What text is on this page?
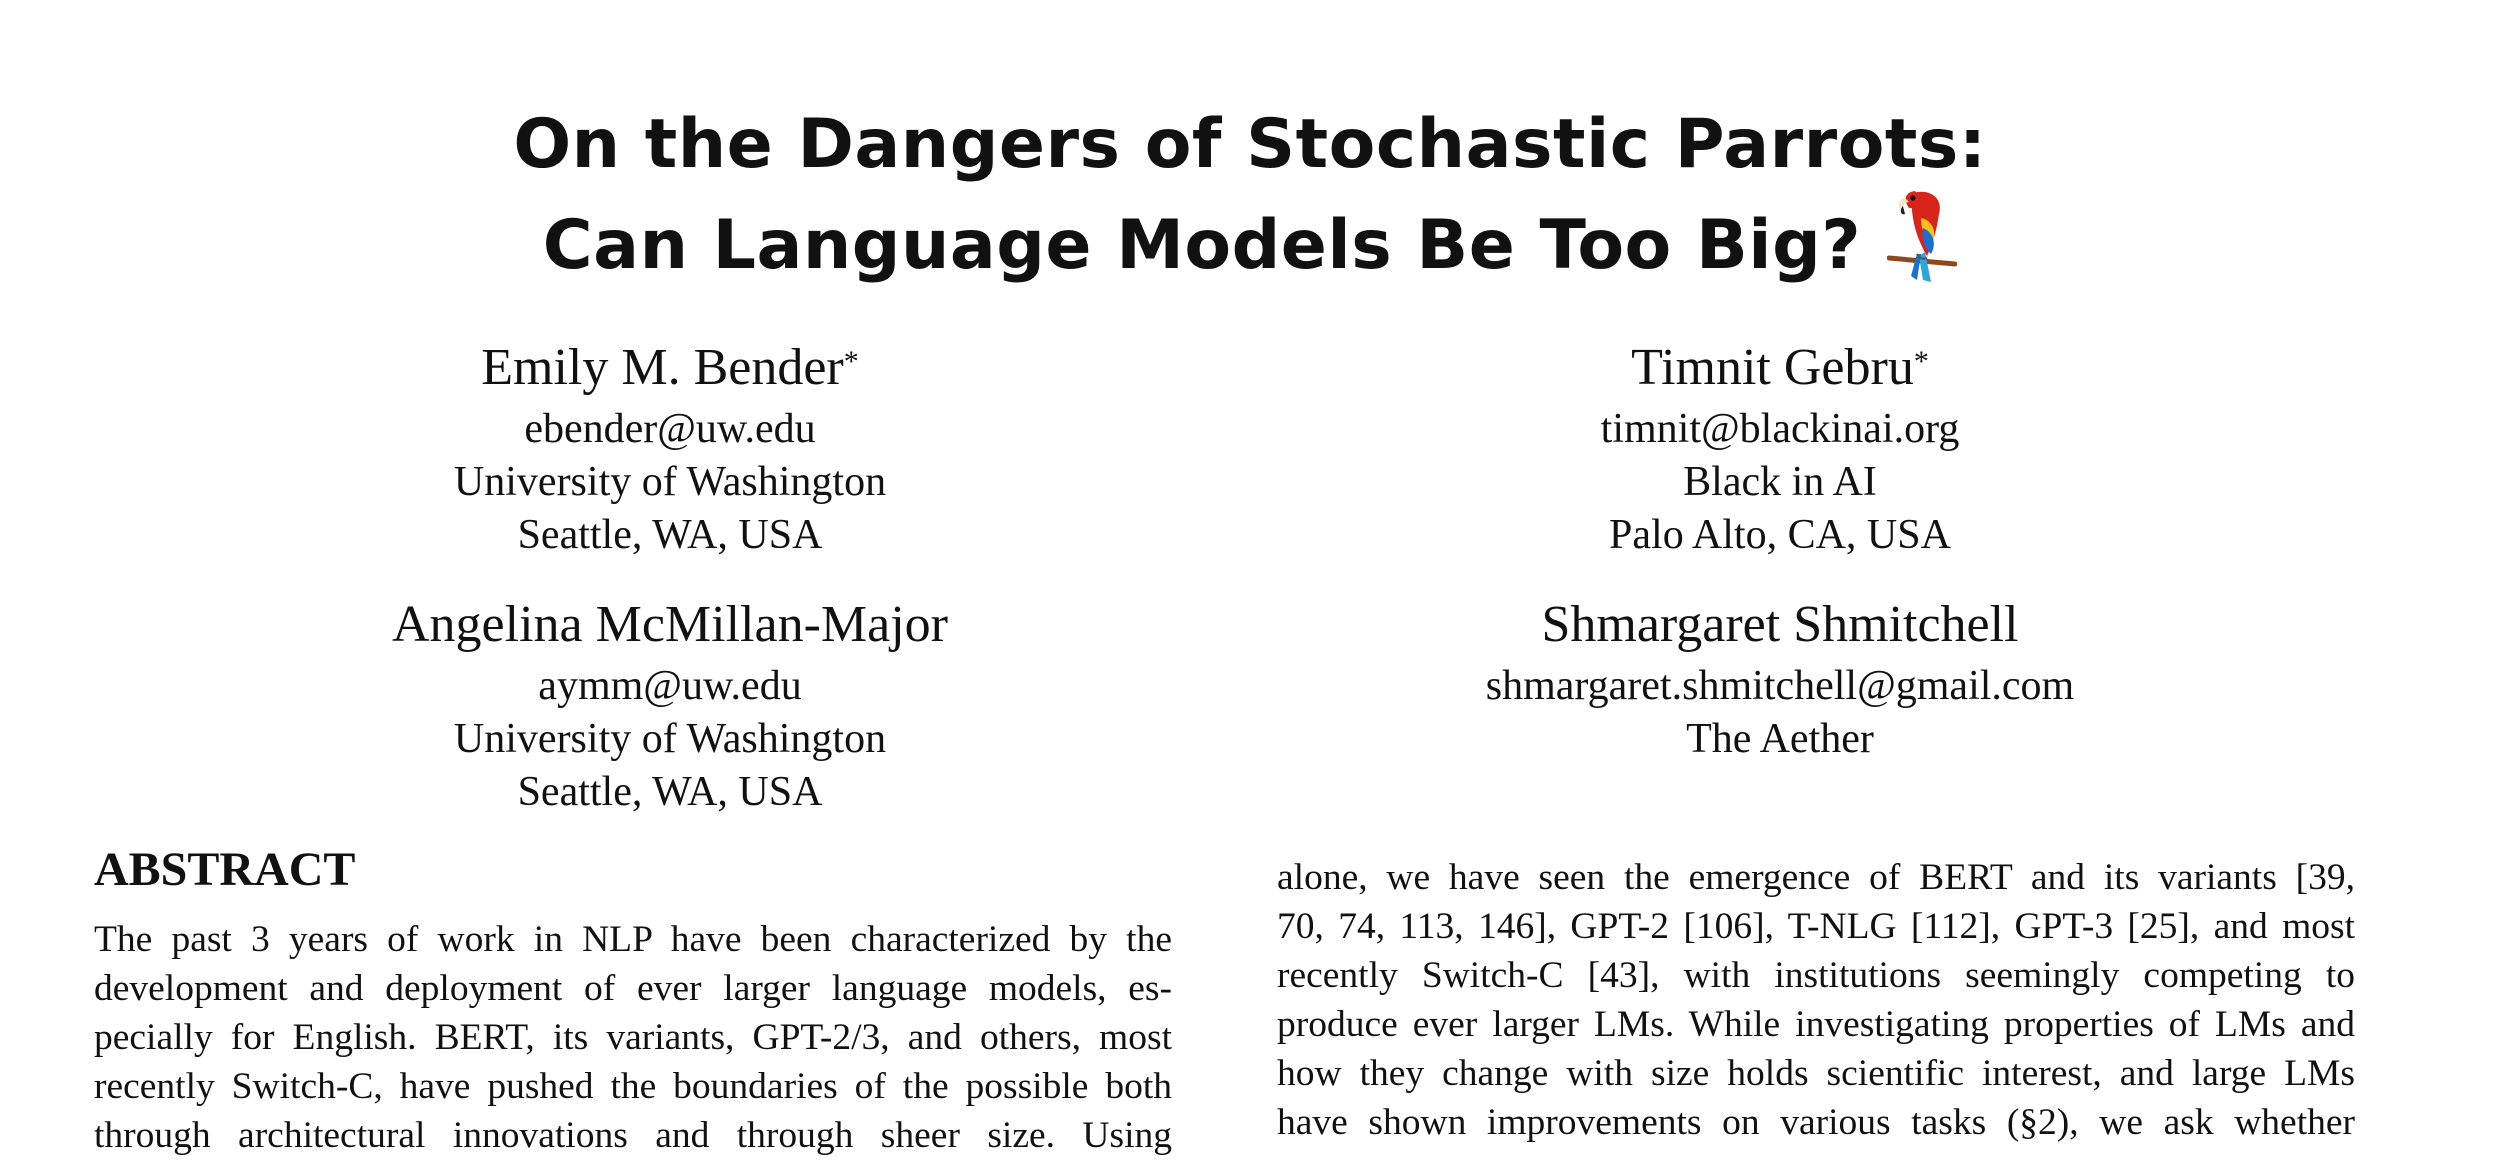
On the Dangers of Stochastic Parrots:
Can Language Models Be Too Big?
Emily M. Bender*
ebender@uw.edu
University of Washington
Seattle, WA, USA
Timnit Gebru*
timnit@blackinai.org
Black in AI
Palo Alto, CA, USA
Angelina McMillan-Major
aymm@uw.edu
University of Washington
Seattle, WA, USA
Shmargaret Shmitchell
shmargaret.shmitchell@gmail.com
The Aether
ABSTRACT
The past 3 years of work in NLP have been characterized by the
development and deployment of ever larger language models, es-
pecially for English. BERT, its variants, GPT-2/3, and others, most
recently Switch-C, have pushed the boundaries of the possible both
through architectural innovations and through sheer size. Using
alone, we have seen the emergence of BERT and its variants [39,
70, 74, 113, 146], GPT-2 [106], T-NLG [112], GPT-3 [25], and most
recently Switch-C [43], with institutions seemingly competing to
produce ever larger LMs. While investigating properties of LMs and
how they change with size holds scientific interest, and large LMs
have shown improvements on various tasks (§2), we ask whether
